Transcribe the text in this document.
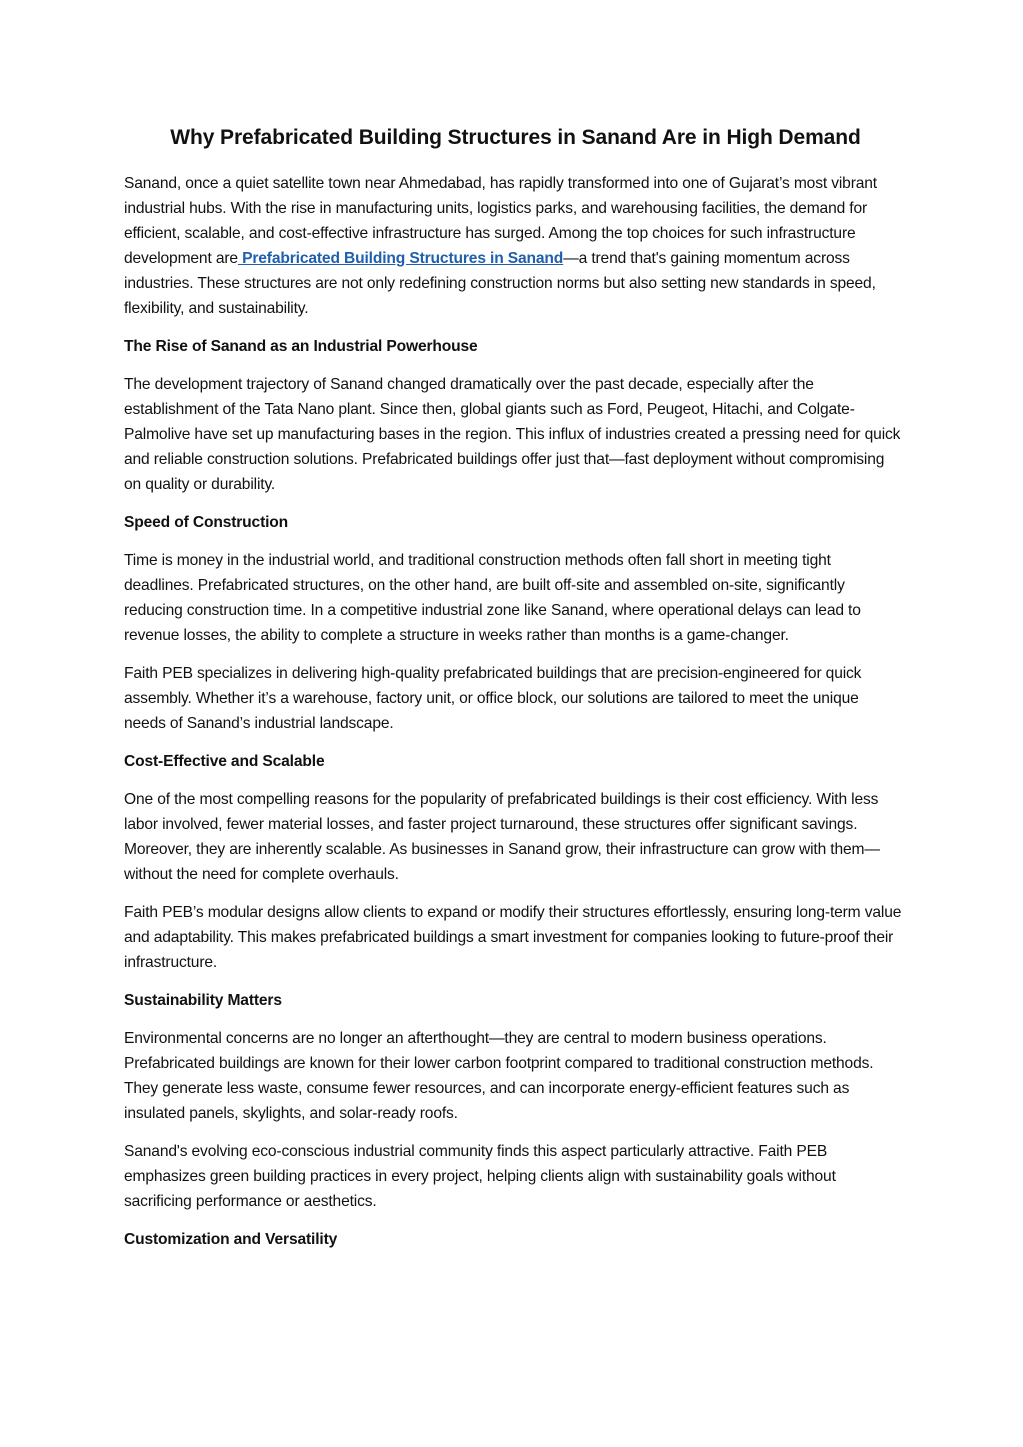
Why Prefabricated Building Structures in Sanand Are in High Demand

Sanand, once a quiet satellite town near Ahmedabad, has rapidly transformed into one of Gujarat’s most vibrant industrial hubs. With the rise in manufacturing units, logistics parks, and warehousing facilities, the demand for efficient, scalable, and cost-effective infrastructure has surged. Among the top choices for such infrastructure development are Prefabricated Building Structures in Sanand—a trend that's gaining momentum across industries. These structures are not only redefining construction norms but also setting new standards in speed, flexibility, and sustainability.

The Rise of Sanand as an Industrial Powerhouse

The development trajectory of Sanand changed dramatically over the past decade, especially after the establishment of the Tata Nano plant. Since then, global giants such as Ford, Peugeot, Hitachi, and Colgate-Palmolive have set up manufacturing bases in the region. This influx of industries created a pressing need for quick and reliable construction solutions. Prefabricated buildings offer just that—fast deployment without compromising on quality or durability.

Speed of Construction

Time is money in the industrial world, and traditional construction methods often fall short in meeting tight deadlines. Prefabricated structures, on the other hand, are built off-site and assembled on-site, significantly reducing construction time. In a competitive industrial zone like Sanand, where operational delays can lead to revenue losses, the ability to complete a structure in weeks rather than months is a game-changer.

Faith PEB specializes in delivering high-quality prefabricated buildings that are precision-engineered for quick assembly. Whether it’s a warehouse, factory unit, or office block, our solutions are tailored to meet the unique needs of Sanand’s industrial landscape.

Cost-Effective and Scalable

One of the most compelling reasons for the popularity of prefabricated buildings is their cost efficiency. With less labor involved, fewer material losses, and faster project turnaround, these structures offer significant savings. Moreover, they are inherently scalable. As businesses in Sanand grow, their infrastructure can grow with them—without the need for complete overhauls.

Faith PEB’s modular designs allow clients to expand or modify their structures effortlessly, ensuring long-term value and adaptability. This makes prefabricated buildings a smart investment for companies looking to future-proof their infrastructure.

Sustainability Matters

Environmental concerns are no longer an afterthought—they are central to modern business operations. Prefabricated buildings are known for their lower carbon footprint compared to traditional construction methods. They generate less waste, consume fewer resources, and can incorporate energy-efficient features such as insulated panels, skylights, and solar-ready roofs.

Sanand's evolving eco-conscious industrial community finds this aspect particularly attractive. Faith PEB emphasizes green building practices in every project, helping clients align with sustainability goals without sacrificing performance or aesthetics.

Customization and Versatility
